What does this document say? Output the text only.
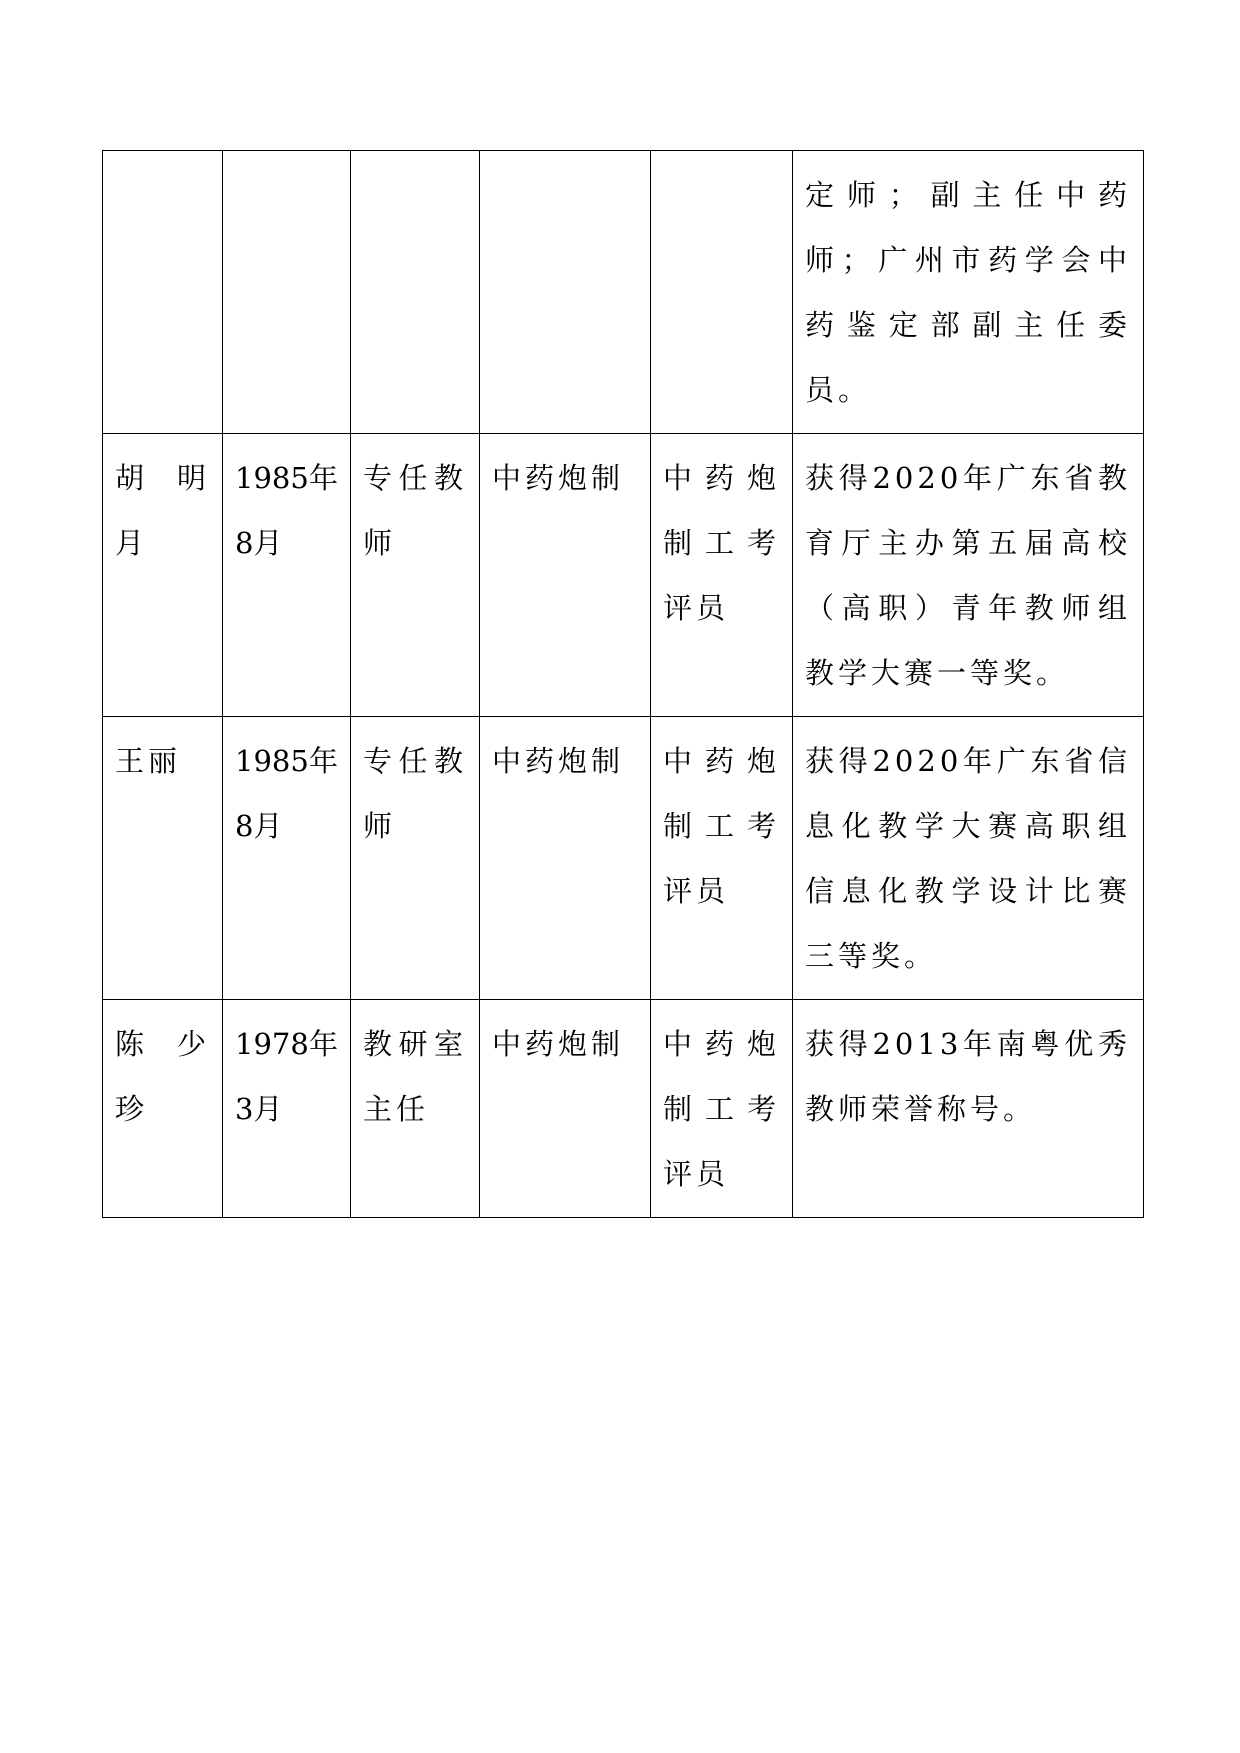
					定师；副主任中药师；广州市药学会中药鉴定部副主任委员。
胡明月	1985年8月	专任教师	中药炮制	中药炮制工考评员	获得2020年广东省教育厅主办第五届高校（高职）青年教师组教学大赛一等奖。
王丽	1985年8月	专任教师	中药炮制	中药炮制工考评员	获得2020年广东省信息化教学大赛高职组信息化教学设计比赛三等奖。
陈少珍	1978年3月	教研室主任	中药炮制	中药炮制工考评员	获得2013年南粤优秀教师荣誉称号。
